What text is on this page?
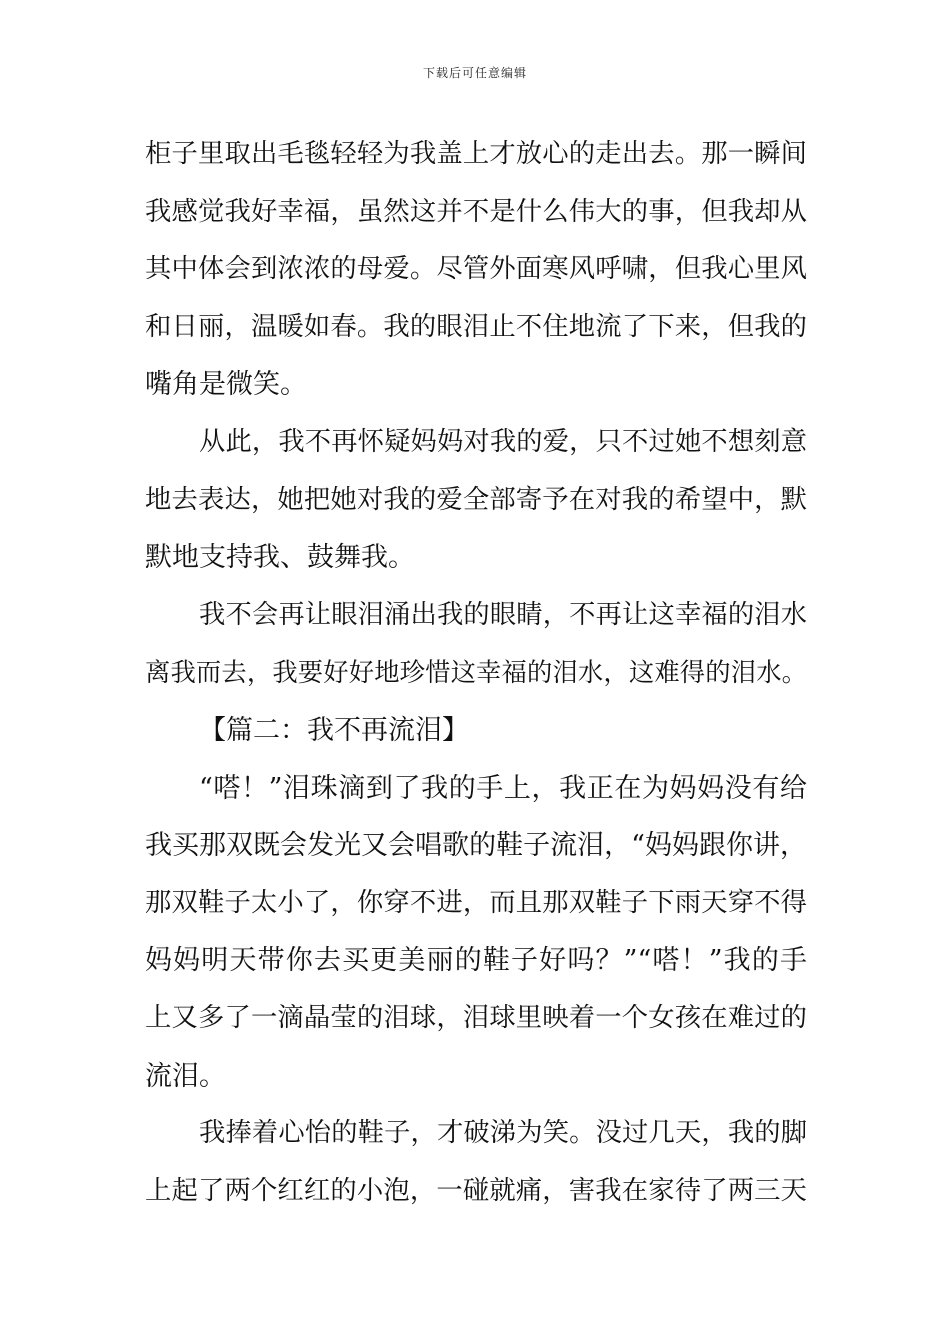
下载后可任意编辑
柜子里取出毛毯轻轻为我盖上才放心的走出去。那一瞬间
我感觉我好幸福，虽然这并不是什么伟大的事，但我却从
其中体会到浓浓的母爱。尽管外面寒风呼啸，但我心里风
和日丽，温暖如春。我的眼泪止不住地流了下来，但我的
嘴角是微笑。
从此，我不再怀疑妈妈对我的爱，只不过她不想刻意
地去表达，她把她对我的爱全部寄予在对我的希望中，默
默地支持我、鼓舞我。
我不会再让眼泪涌出我的眼睛，不再让这幸福的泪水
离我而去，我要好好地珍惜这幸福的泪水，这难得的泪水。
【篇二：我不再流泪】
“嗒！”泪珠滴到了我的手上，我正在为妈妈没有给
我买那双既会发光又会唱歌的鞋子流泪，“妈妈跟你讲，
那双鞋子太小了，你穿不进，而且那双鞋子下雨天穿不得
妈妈明天带你去买更美丽的鞋子好吗？”“嗒！”我的手
上又多了一滴晶莹的泪球，泪球里映着一个女孩在难过的
流泪。
我捧着心怡的鞋子，才破涕为笑。没过几天，我的脚
上起了两个红红的小泡，一碰就痛，害我在家待了两三天
